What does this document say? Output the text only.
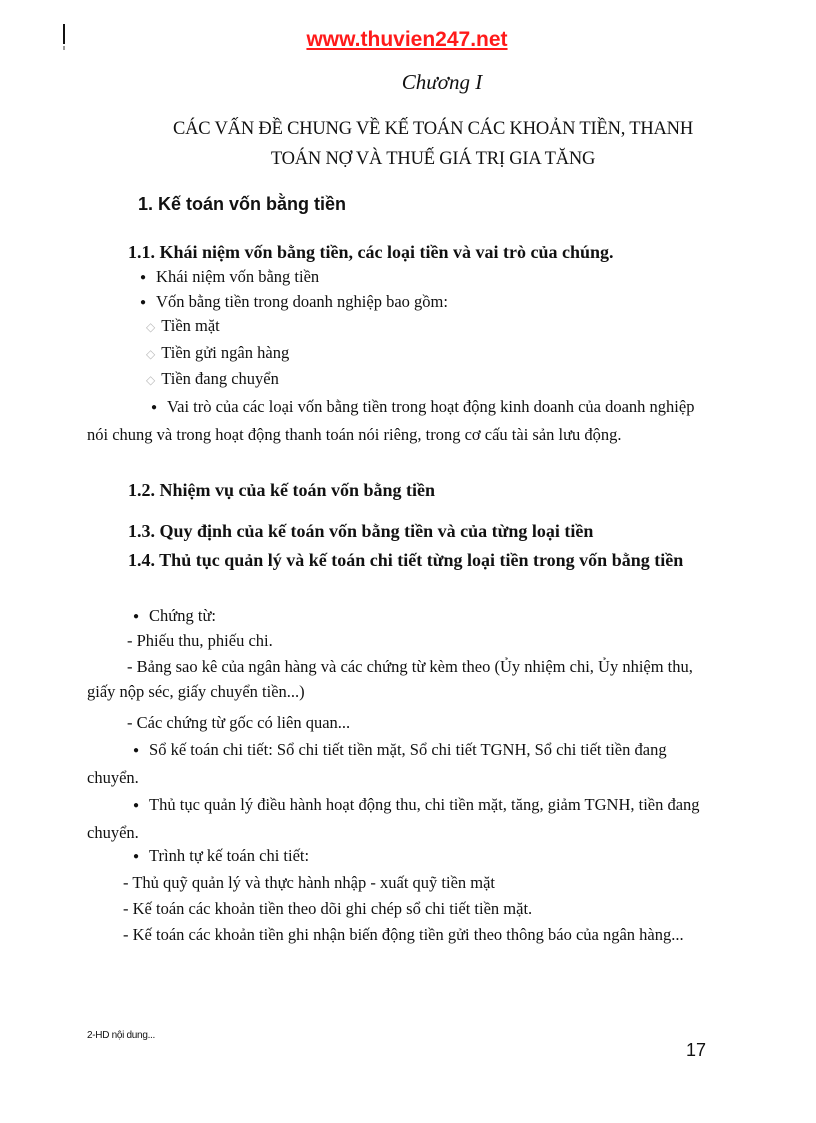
www.thuvien247.net
Chương I
CÁC VẤN ĐỀ CHUNG VỀ KẾ TOÁN CÁC KHOẢN TIỀN, THANH
TOÁN NỢ VÀ THUẾ GIÁ TRỊ GIA TĂNG
1. Kế toán vốn bằng tiền
1.1. Khái niệm vốn bằng tiền, các loại tiền và vai trò của chúng.
● Khái niệm vốn bằng tiền
● Vốn bằng tiền trong doanh nghiệp bao gồm:
◇ Tiền mặt
◇ Tiền gửi ngân hàng
◇ Tiền đang chuyển
● Vai trò của các loại vốn bằng tiền trong hoạt động kinh doanh của doanh nghiệp nói chung và trong hoạt động thanh toán nói riêng, trong cơ cấu tài sản lưu động.
1.2. Nhiệm vụ của kế toán vốn bằng tiền
1.3. Quy định của kế toán vốn bằng tiền và của từng loại tiền
1.4. Thủ tục quản lý và kế toán chi tiết từng loại tiền trong vốn bằng tiền
● Chứng từ:
- Phiếu thu, phiếu chi.
- Bảng sao kê của ngân hàng và các chứng từ kèm theo (Ủy nhiệm chi, Ủy nhiệm thu, giấy nộp séc, giấy chuyển tiền...)
- Các chứng từ gốc có liên quan...
● Sổ kế toán chi tiết: Sổ chi tiết tiền mặt, Sổ chi tiết TGNH, Sổ chi tiết tiền đang chuyển.
● Thủ tục quản lý điều hành hoạt động thu, chi tiền mặt, tăng, giảm TGNH, tiền đang chuyển.
● Trình tự kế toán chi tiết:
- Thủ quỹ quản lý và thực hành nhập - xuất quỹ tiền mặt
- Kế toán các khoản tiền theo dõi ghi chép sổ chi tiết tiền mặt.
- Kế toán các khoản tiền ghi nhận biến động tiền gửi theo thông báo của ngân hàng...
2-HD nội dung...
17
